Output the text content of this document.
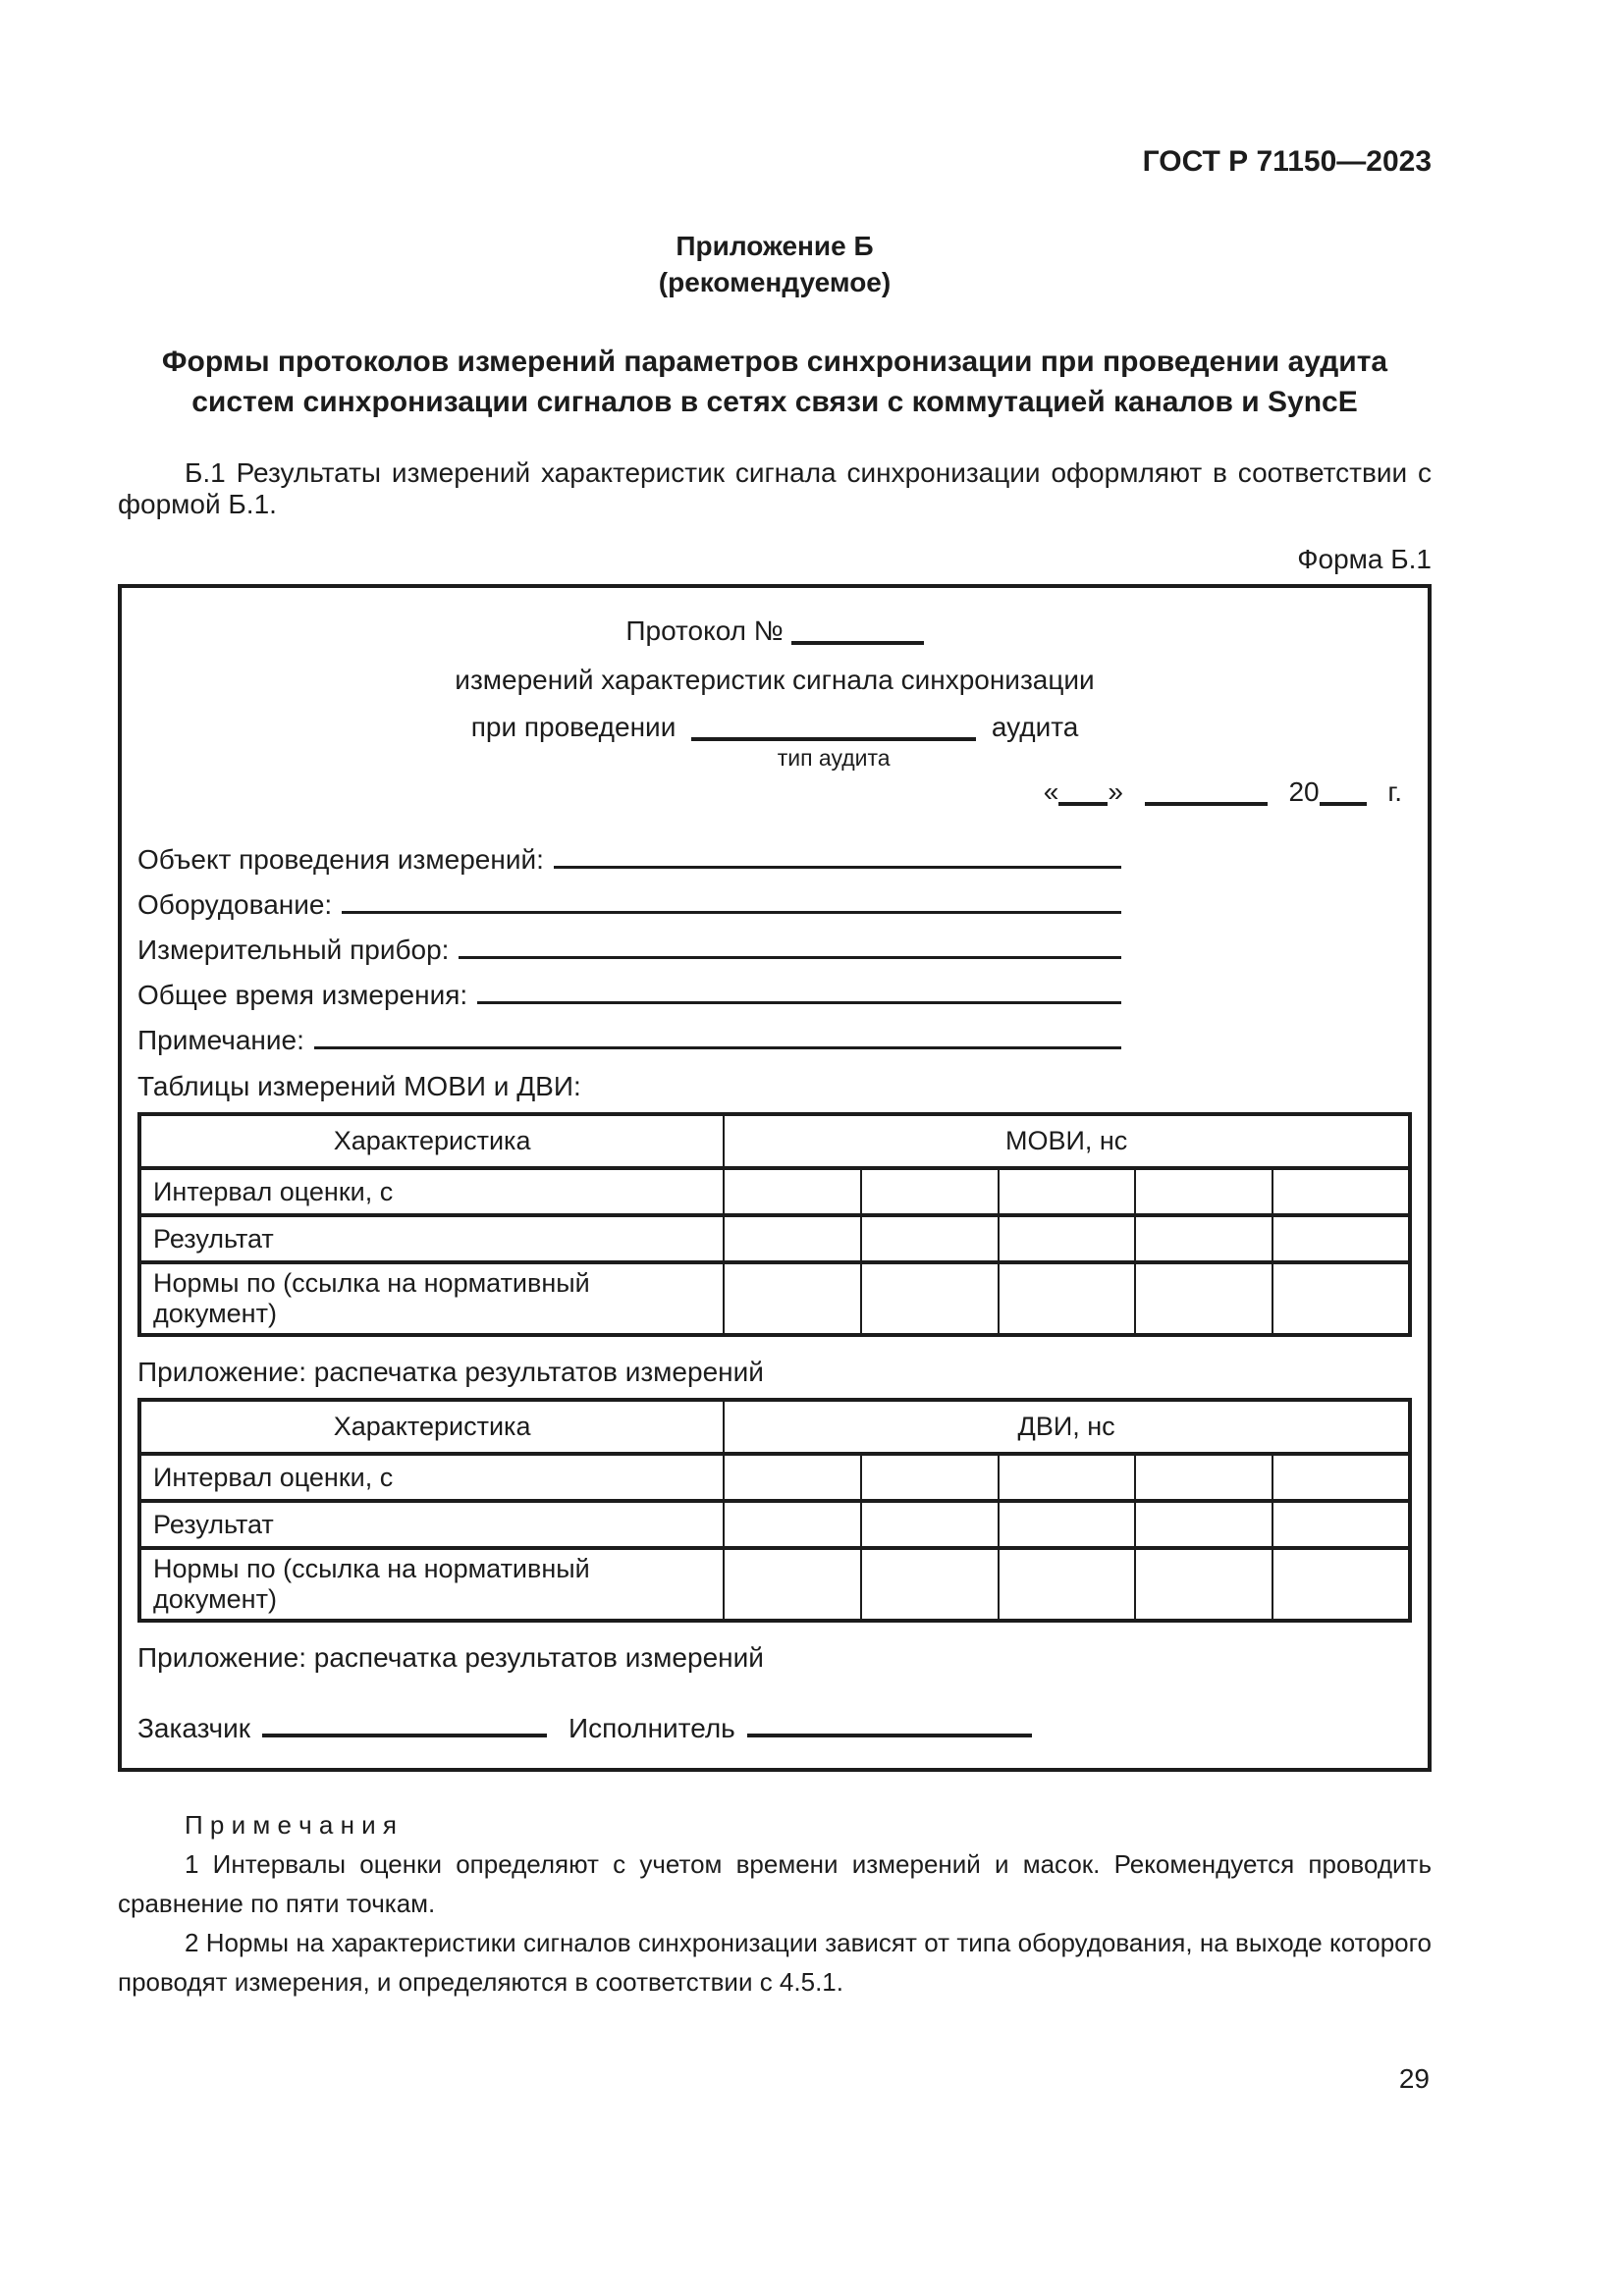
ГОСТ Р 71150—2023
Приложение Б
(рекомендуемое)
Формы протоколов измерений параметров синхронизации при проведении аудита систем синхронизации сигналов в сетях связи с коммутацией каналов и SyncE

Б.1 Результаты измерений характеристик сигнала синхронизации оформляют в соответствии с формой Б.1.

Форма Б.1
Протокол №
измерений характеристик сигнала синхронизации
при проведении
тип аудита
аудита
« »	20 г.
Объект проведения измерений:
Оборудование:
Измерительный прибор:
Общее время измерения:
Примечание:
Таблицы измерений МОВИ и ДВИ:
Характеристика	МОВИ, нс				
Интервал оценки, с					
Результат					
Нормы по (ссылка на нормативный документ)					
Приложение: распечатка результатов измерений
Характеристика	ДВИ, нс				
Интервал оценки, с					
Результат					
Нормы по (ссылка на нормативный документ)					
Приложение: распечатка результатов измерений
Заказчик	Исполнитель
П р и м е ч а н и я

1 Интервалы оценки определяют с учетом времени измерений и масок. Рекомендуется проводить сравнение по пяти точкам.

2 Нормы на характеристики сигналов синхронизации зависят от типа оборудования, на выходе которого проводят измерения, и определяются в соответствии с 4.5.1.

29
